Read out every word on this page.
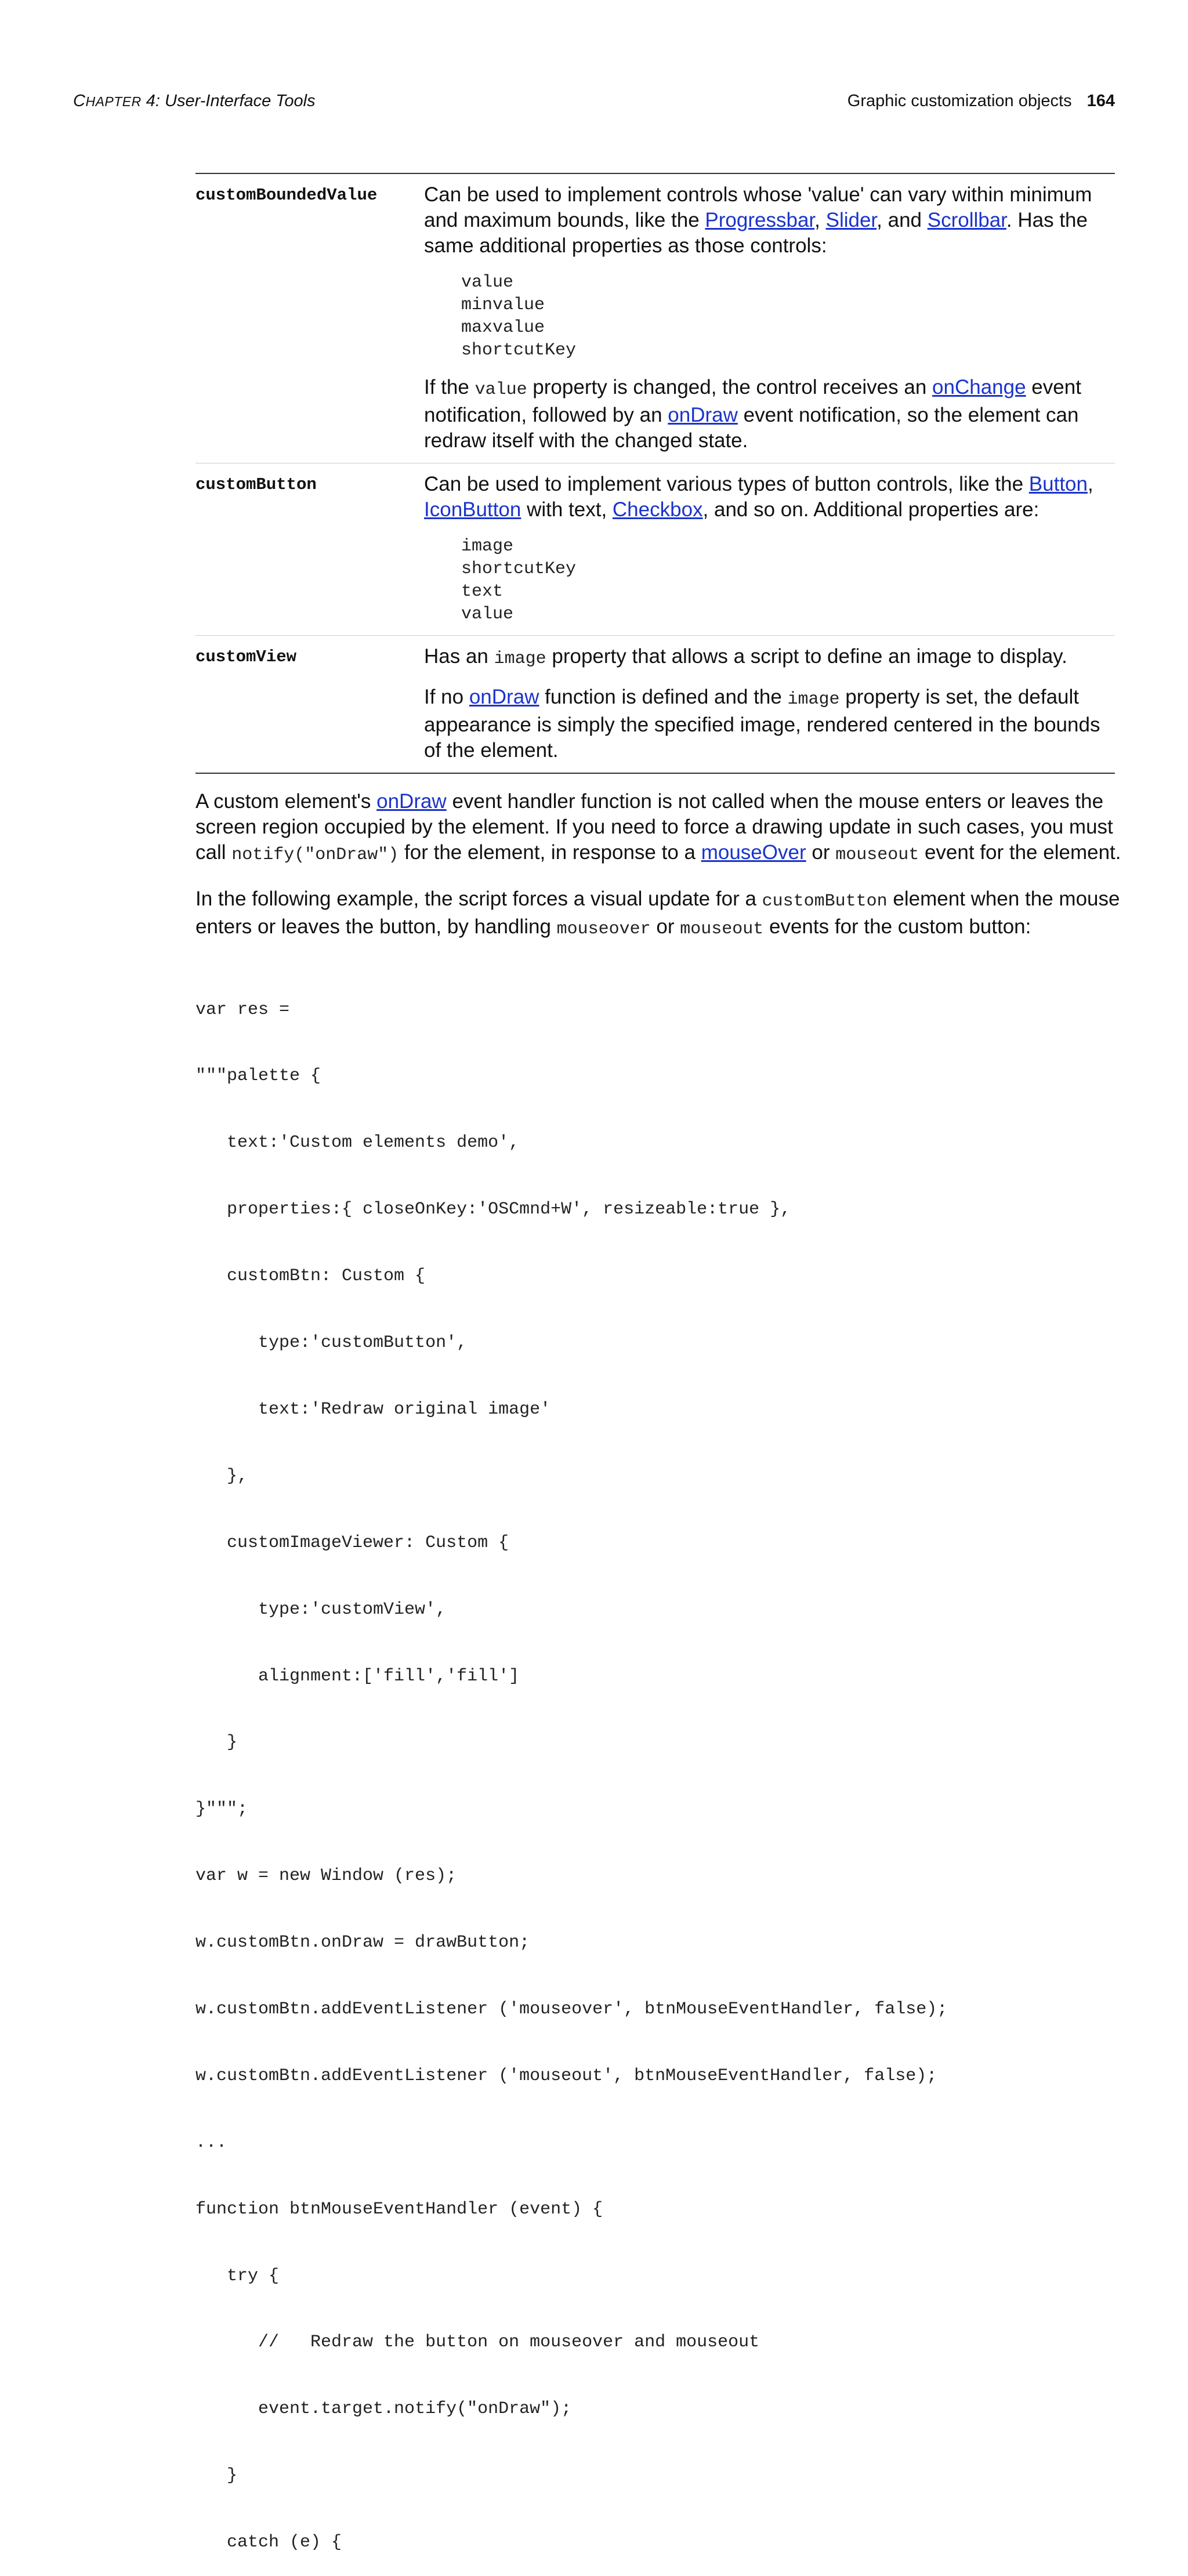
CHAPTER 4: User-Interface Tools	Graphic customization objects 164
customBoundedValue	Can be used to implement controls whose 'value' can vary within minimum and maximum bounds, like the Progressbar, Slider, and Scrollbar. Has the same additional properties as those controls:

value
minvalue
maxvalue
shortcutKey

If the value property is changed, the control receives an onChange event notification, followed by an onDraw event notification, so the element can redraw itself with the changed state.

customButton	Can be used to implement various types of button controls, like the Button, IconButton with text, Checkbox, and so on. Additional properties are:

image
shortcutKey
text
value
customView	Has an image property that allows a script to define an image to display.

If no onDraw function is defined and the image property is set, the default appearance is simply the specified image, rendered centered in the bounds of the element.

A custom element's onDraw event handler function is not called when the mouse enters or leaves the screen region occupied by the element. If you need to force a drawing update in such cases, you must call notify("onDraw") for the element, in response to a mouseOver or mouseout event for the element.

In the following example, the script forces a visual update for a customButton element when the mouse enters or leaves the button, by handling mouseover or mouseout events for the custom button:

var res =

"""palette {

text:'Custom elements demo',

properties:{ closeOnKey:'OSCmnd+W', resizeable:true },

customBtn: Custom {

type:'customButton',

text:'Redraw original image'

},

customImageViewer: Custom {

type:'customView',

alignment:['fill','fill']

}

}""";

var w = new Window (res);

w.customBtn.onDraw = drawButton;

w.customBtn.addEventListener ('mouseover', btnMouseEventHandler, false);

w.customBtn.addEventListener ('mouseout', btnMouseEventHandler, false);

...

function btnMouseEventHandler (event) {

try {

//   Redraw the button on mouseover and mouseout

event.target.notify("onDraw");

}

catch (e) {
